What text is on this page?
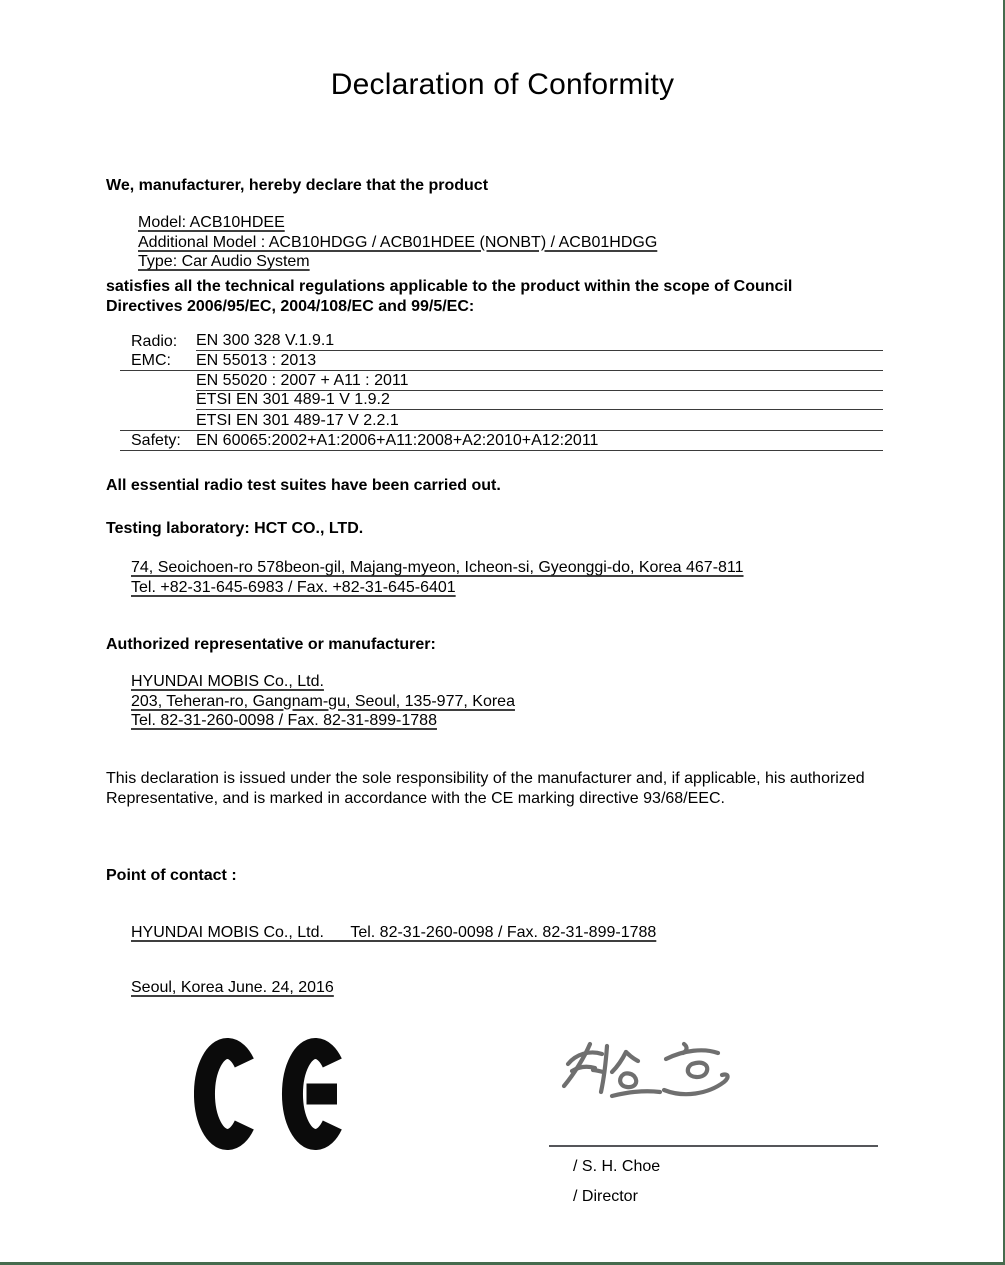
Declaration of Conformity
We, manufacturer, hereby declare that the product
Model: ACB10HDEE
Additional Model : ACB10HDGG / ACB01HDEE (NONBT) / ACB01HDGG
Type: Car Audio System
satisfies all the technical regulations applicable to the product within the scope of Council Directives 2006/95/EC, 2004/108/EC and 99/5/EC:
Radio:	EN 300 328 V.1.9.1
EMC:	EN 55013 : 2013
EN 55020 : 2007 + A11 : 2011
ETSI EN 301 489-1 V 1.9.2
ETSI EN 301 489-17 V 2.2.1
Safety: EN 60065:2002+A1:2006+A11:2008+A2:2010+A12:2011
All essential radio test suites have been carried out.
Testing laboratory: HCT CO., LTD.
74, Seoichoen-ro 578beon-gil, Majang-myeon, Icheon-si, Gyeonggi-do, Korea 467-811
Tel. +82-31-645-6983 / Fax. +82-31-645-6401
Authorized representative or manufacturer:
HYUNDAI MOBIS Co., Ltd.
203, Teheran-ro, Gangnam-gu, Seoul, 135-977, Korea
Tel. 82-31-260-0098 / Fax. 82-31-899-1788
This declaration is issued under the sole responsibility of the manufacturer and, if applicable, his authorized Representative, and is marked in accordance with the CE marking directive 93/68/EEC.
Point of contact :
HYUNDAI MOBIS Co., Ltd.      Tel. 82-31-260-0098 / Fax. 82-31-899-1788
Seoul, Korea June. 24, 2016
/ S. H. Choe
/ Director
